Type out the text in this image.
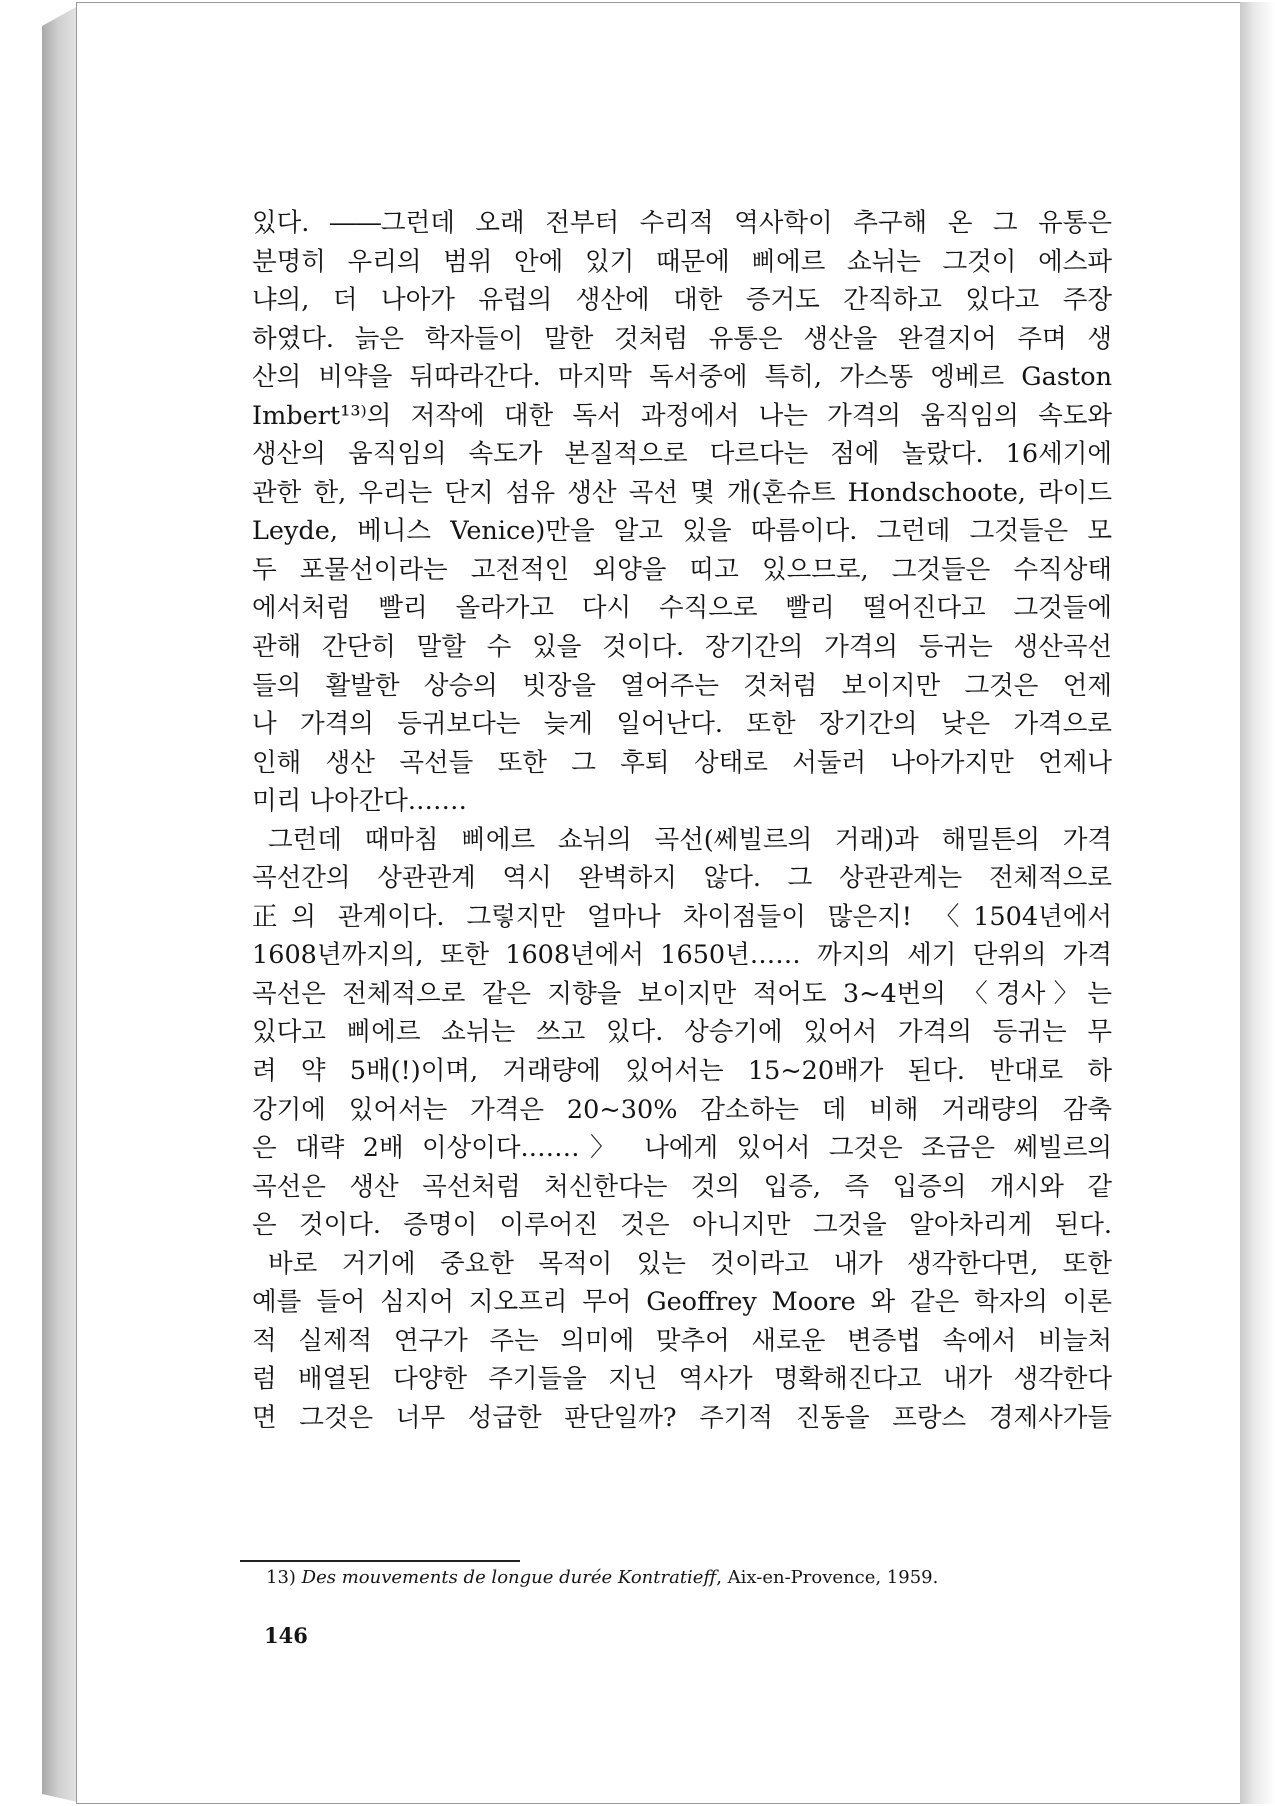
있다. ――그런데 오래 전부터 수리적 역사학이 추구해 온 그 유통은
분명히 우리의 범위 안에 있기 때문에 삐에르 쇼뉘는 그것이 에스파
냐의, 더 나아가 유럽의 생산에 대한 증거도 간직하고 있다고 주장
하였다. 늙은 학자들이 말한 것처럼 유통은 생산을 완결지어 주며 생
산의 비약을 뒤따라간다. 마지막 독서중에 특히, 가스똥 엥베르 Gaston
Imbert¹³⁾의 저작에 대한 독서 과정에서 나는 가격의 움직임의 속도와
생산의 움직임의 속도가 본질적으로 다르다는 점에 놀랐다. 16세기에
관한 한, 우리는 단지 섬유 생산 곡선 몇 개(혼슈트 Hondschoote, 라이드
Leyde, 베니스 Venice)만을 알고 있을 따름이다. 그런데 그것들은 모
두 포물선이라는 고전적인 외양을 띠고 있으므로, 그것들은 수직상태
에서처럼 빨리 올라가고 다시 수직으로 빨리 떨어진다고 그것들에
관해 간단히 말할 수 있을 것이다. 장기간의 가격의 등귀는 생산곡선
들의 활발한 상승의 빗장을 열어주는 것처럼 보이지만 그것은 언제
나 가격의 등귀보다는 늦게 일어난다. 또한 장기간의 낮은 가격으로
인해 생산 곡선들 또한 그 후퇴 상태로 서둘러 나아가지만 언제나
미리 나아간다.……
그런데 때마침 삐에르 쇼뉘의 곡선(쎄빌르의 거래)과 해밀튼의 가격
곡선간의 상관관계 역시 완벽하지 않다. 그 상관관계는 전체적으로
正의 관계이다. 그렇지만 얼마나 차이점들이 많은지! 〈1504년에서
1608년까지의, 또한 1608년에서 1650년…… 까지의 세기 단위의 가격
곡선은 전체적으로 같은 지향을 보이지만 적어도 3~4번의 〈경사〉는
있다고 삐에르 쇼뉘는 쓰고 있다. 상승기에 있어서 가격의 등귀는 무
려 약 5배(!)이며, 거래량에 있어서는 15~20배가 된다. 반대로 하
강기에 있어서는 가격은 20~30% 감소하는 데 비해 거래량의 감축
은 대략 2배 이상이다.……〉 나에게 있어서 그것은 조금은 쎄빌르의
곡선은 생산 곡선처럼 처신한다는 것의 입증, 즉 입증의 개시와 같
은 것이다. 증명이 이루어진 것은 아니지만 그것을 알아차리게 된다.
바로 거기에 중요한 목적이 있는 것이라고 내가 생각한다면, 또한
예를 들어 심지어 지오프리 무어 Geoffrey Moore 와 같은 학자의 이론
적 실제적 연구가 주는 의미에 맞추어 새로운 변증법 속에서 비늘처
럼 배열된 다양한 주기들을 지닌 역사가 명확해진다고 내가 생각한다
면 그것은 너무 성급한 판단일까? 주기적 진동을 프랑스 경제사가들
13) Des mouvements de longue durée Kontratieff, Aix-en-Provence, 1959.
146
